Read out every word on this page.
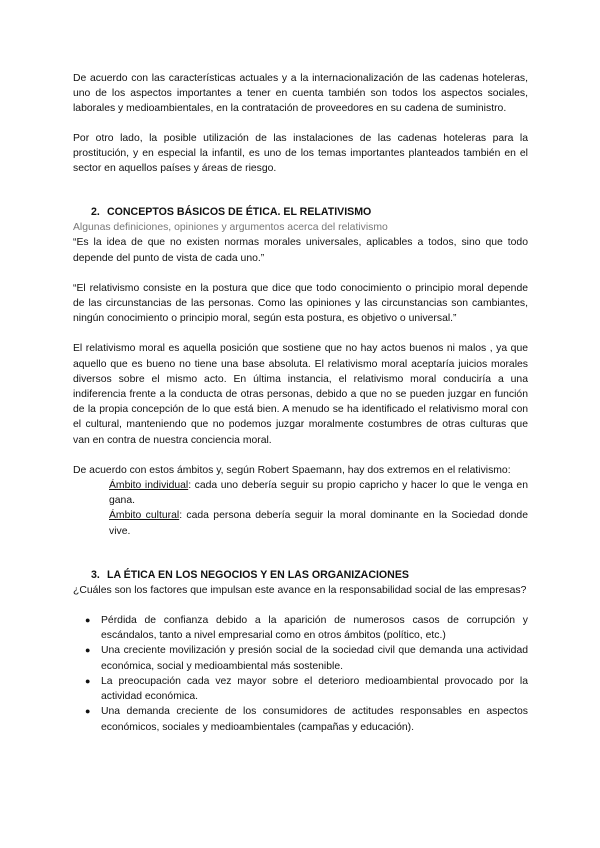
De acuerdo con las características actuales y a la internacionalización de las cadenas hoteleras, uno de los aspectos importantes a tener en cuenta también son todos los aspectos sociales, laborales y medioambientales, en la contratación de proveedores en su cadena de suministro.

Por otro lado, la posible utilización de las instalaciones de las cadenas hoteleras para la prostitución, y en especial la infantil, es uno de los temas importantes planteados también en el sector en aquellos países y áreas de riesgo.

2. CONCEPTOS BÁSICOS DE ÉTICA. EL RELATIVISMO

Algunas definiciones, opiniones y argumentos acerca del relativismo

“Es la idea de que no existen normas morales universales, aplicables a todos, sino que todo depende del punto de vista de cada uno.”

“El relativismo consiste en la postura que dice que todo conocimiento o principio moral depende de las circunstancias de las personas. Como las opiniones y las circunstancias son cambiantes, ningún conocimiento o principio moral, según esta postura, es objetivo o universal.”

El relativismo moral es aquella posición que sostiene que no hay actos buenos ni malos , ya que aquello que es bueno no tiene una base absoluta. El relativismo moral aceptaría juicios morales diversos sobre el mismo acto. En última instancia, el relativismo moral conduciría a una indiferencia frente a la conducta de otras personas, debido a que no se pueden juzgar en función de la propia concepción de lo que está bien. A menudo se ha identificado el relativismo moral con el cultural, manteniendo que no podemos juzgar moralmente costumbres de otras culturas que van en contra de nuestra conciencia moral.

De acuerdo con estos ámbitos y, según Robert Spaemann, hay dos extremos en el relativismo:

Ámbito individual: cada uno debería seguir su propio capricho y hacer lo que le venga en gana.

Ámbito cultural: cada persona debería seguir la moral dominante en la Sociedad donde vive.

3. LA ÉTICA EN LOS NEGOCIOS Y EN LAS ORGANIZACIONES

¿Cuáles son los factores que impulsan este avance en la responsabilidad social de las empresas?

● Pérdida de confianza debido a la aparición de numerosos casos de corrupción y escándalos, tanto a nivel empresarial como en otros ámbitos (político, etc.)
● Una creciente movilización y presión social de la sociedad civil que demanda una actividad económica, social y medioambiental más sostenible.
● La preocupación cada vez mayor sobre el deterioro medioambiental provocado por la actividad económica.
● Una demanda creciente de los consumidores de actitudes responsables en aspectos económicos, sociales y medioambientales (campañas y educación).
